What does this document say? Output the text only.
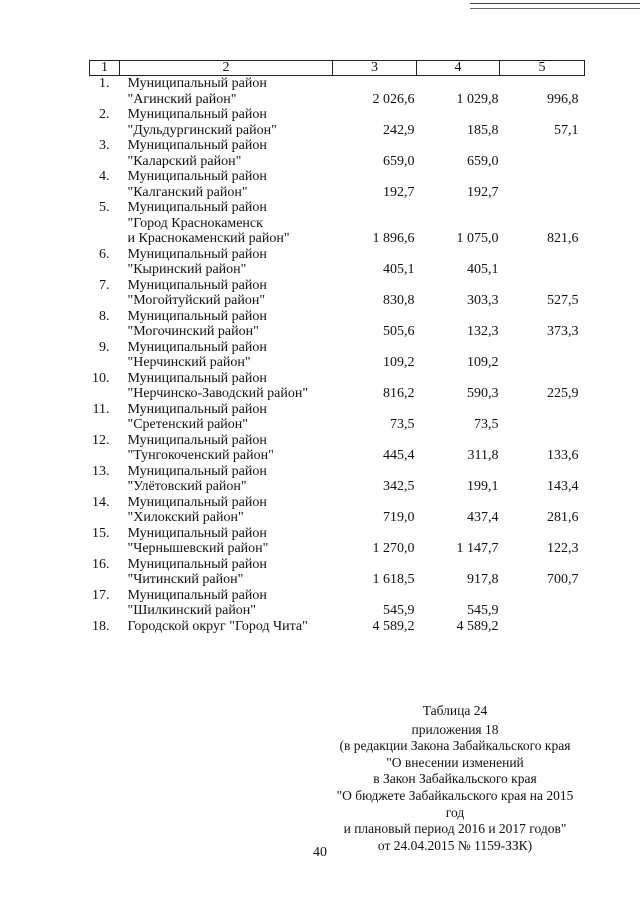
1	2	3	4	5
1.	Муниципальный район
"Агинский район"	2 026,6	1 029,8	996,8
2.	Муниципальный район
"Дульдургинский район"	242,9	185,8	57,1
3.	Муниципальный район
"Каларский район"	659,0	659,0	
4.	Муниципальный район
"Калганский район"	192,7	192,7	
5.	Муниципальный район
"Город Краснокаменск
и Краснокаменский район"	1 896,6	1 075,0	821,6
6.	Муниципальный район
"Кыринский район"	405,1	405,1	
7.	Муниципальный район
"Могойтуйский район"	830,8	303,3	527,5
8.	Муниципальный район
"Могочинский район"	505,6	132,3	373,3
9.	Муниципальный район
"Нерчинский район"	109,2	109,2	
10.	Муниципальный район
"Нерчинско-Заводский район"	816,2	590,3	225,9
11.	Муниципальный район
"Сретенский район"	73,5	73,5	
12.	Муниципальный район
"Тунгокоченский район"	445,4	311,8	133,6
13.	Муниципальный район
"Улётовский район"	342,5	199,1	143,4
14.	Муниципальный район
"Хилокский район"	719,0	437,4	281,6
15.	Муниципальный район
"Чернышевский район"	1 270,0	1 147,7	122,3
16.	Муниципальный район
"Читинский район"	1 618,5	917,8	700,7
17.	Муниципальный район
"Шилкинский район"	545,9	545,9	
18.	Городской округ "Город Чита"	4 589,2	4 589,2	
Таблица 24
приложения 18
(в редакции Закона Забайкальского края
"О внесении изменений
в Закон Забайкальского края
"О бюджете Забайкальского края на 2015 год
и плановый период 2016 и 2017 годов"
от 24.04.2015 № 1159-ЗЗК)
40
